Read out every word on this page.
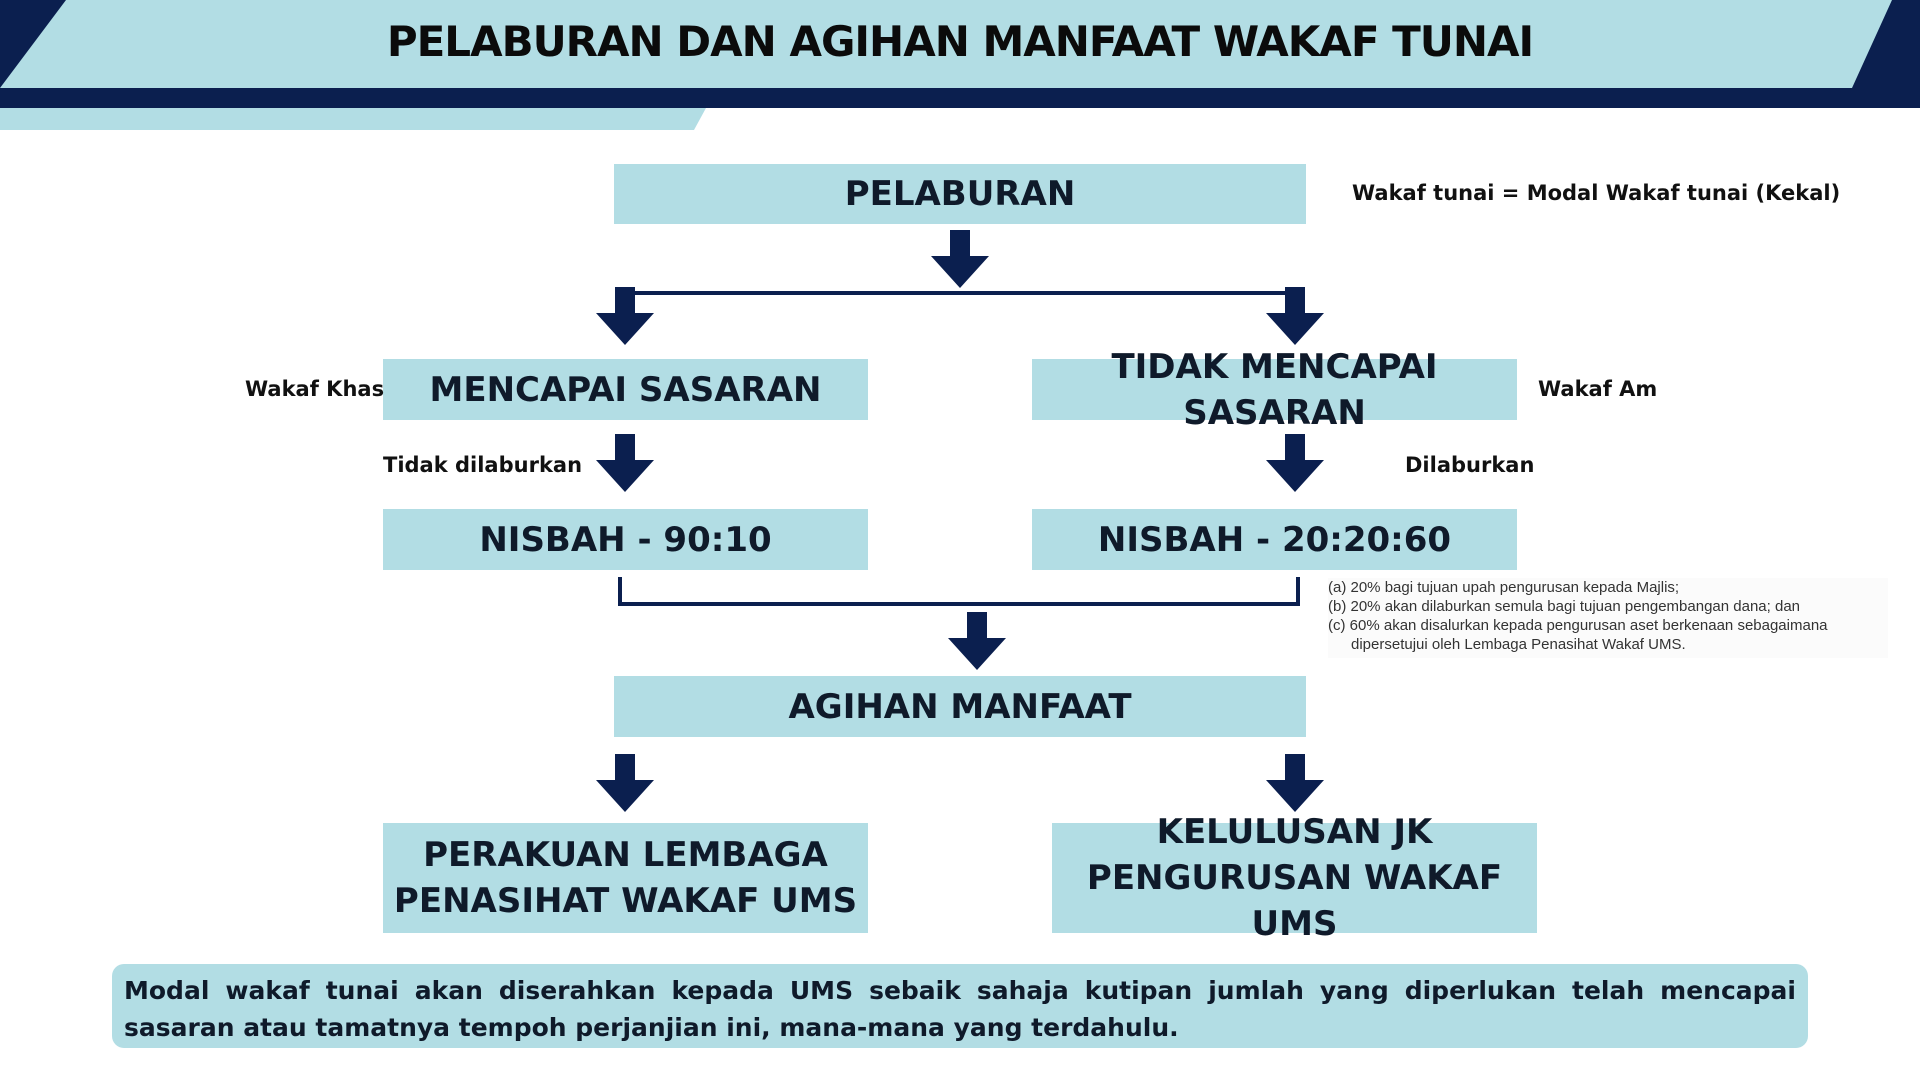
PELABURAN DAN AGIHAN MANFAAT WAKAF TUNAI
PELABURAN	Wakaf tunai = Modal Wakaf tunai (Kekal)
MENCAPAI SASARAN
Wakaf Khas
TIDAK MENCAPAI SASARAN
Wakaf Am
Tidak dilaburkan	Dilaburkan
NISBAH - 90:10	NISBAH - 20:20:60
(a) 20% bagi tujuan upah pengurusan kepada Majlis;
(b) 20% akan dilaburkan semula bagi tujuan pengembangan dana; dan
(c) 60% akan disalurkan kepada pengurusan aset berkenaan sebagaimana
dipersetujui oleh Lembaga Penasihat Wakaf UMS.
AGIHAN MANFAAT
PERAKUAN LEMBAGA
PENASIHAT WAKAF UMS
KELULUSAN JK
PENGURUSAN WAKAF UMS
Modal wakaf tunai akan diserahkan kepada UMS sebaik sahaja kutipan jumlah yang diperlukan telah mencapai sasaran atau tamatnya tempoh perjanjian ini, mana-mana yang terdahulu.
